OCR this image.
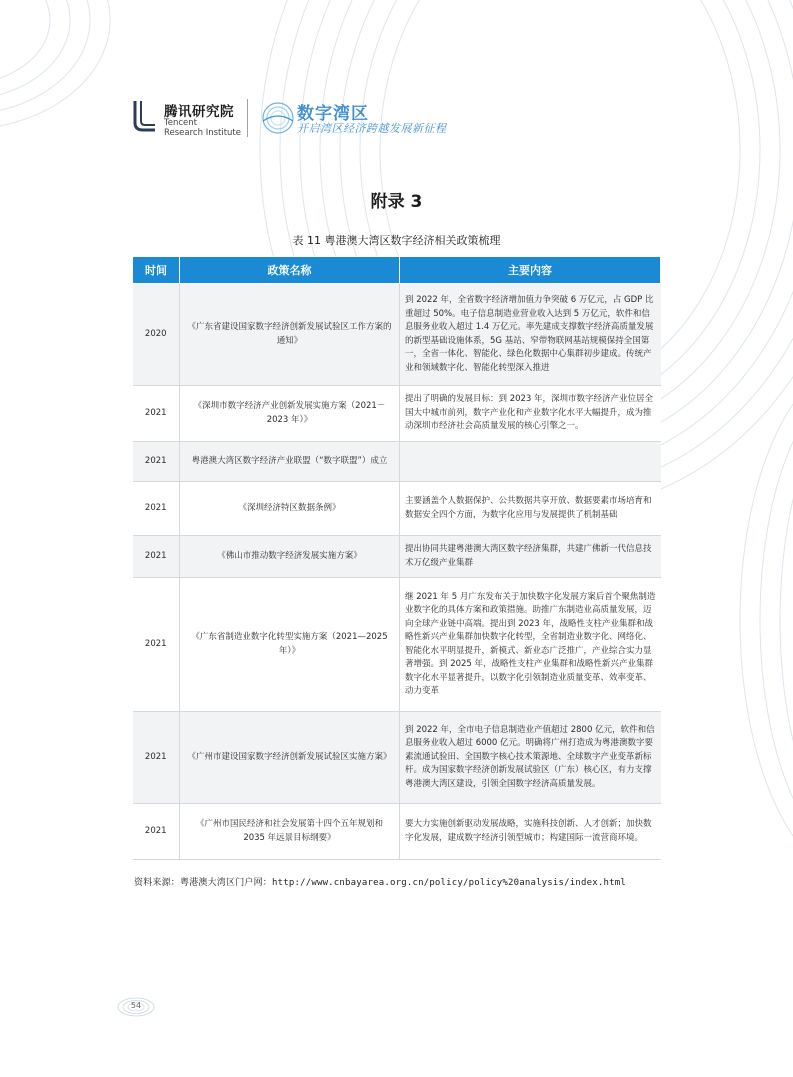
腾讯研究院
Tencent
Research Institute
数字湾区
开启湾区经济跨越发展新征程
附录 3
表 11 粤港澳大湾区数字经济相关政策梳理
时间	政策名称	主要内容
2020	《广东省建设国家数字经济创新发展试验区工作方案的通知》	到 2022 年，全省数字经济增加值力争突破 6 万亿元，占 GDP 比重超过 50%。电子信息制造业营业收入达到 5 万亿元，软件和信息服务业收入超过 1.4 万亿元。率先建成支撑数字经济高质量发展的新型基础设施体系，5G 基站、窄带物联网基站规模保持全国第一，全省一体化、智能化、绿色化数据中心集群初步建成。传统产业和领域数字化、智能化转型深入推进
2021	《深圳市数字经济产业创新发展实施方案（2021－2023 年）》	提出了明确的发展目标：到 2023 年，深圳市数字经济产业位居全国大中城市前列，数字产业化和产业数字化水平大幅提升，成为推动深圳市经济社会高质量发展的核心引擎之一。
2021	粤港澳大湾区数字经济产业联盟（“数字联盟”）成立	
2021	《深圳经济特区数据条例》	主要涵盖个人数据保护、公共数据共享开放、数据要素市场培育和数据安全四个方面，为数字化应用与发展提供了机制基础
2021	《佛山市推动数字经济发展实施方案》	提出协同共建粤港澳大湾区数字经济集群，共建广佛新一代信息技术万亿级产业集群
2021	《广东省制造业数字化转型实施方案（2021—2025 年）》	继 2021 年 5 月广东发布关于加快数字化发展方案后首个聚焦制造业数字化的具体方案和政策措施。助推广东制造业高质量发展，迈向全球产业链中高端。提出到 2023 年，战略性支柱产业集群和战略性新兴产业集群加快数字化转型，全省制造业数字化、网络化、智能化水平明显提升，新模式、新业态广泛推广，产业综合实力显著增强。到 2025 年，战略性支柱产业集群和战略性新兴产业集群数字化水平显著提升，以数字化引领制造业质量变革、效率变革、动力变革
2021	《广州市建设国家数字经济创新发展试验区实施方案》	到 2022 年，全市电子信息制造业产值超过 2800 亿元，软件和信息服务业收入超过 6000 亿元。明确将广州打造成为粤港澳数字要素流通试验田、全国数字核心技术策源地、全球数字产业变革新标杆。成为国家数字经济创新发展试验区（广东）核心区，有力支撑粤港澳大湾区建设，引领全国数字经济高质量发展。
2021	《广州市国民经济和社会发展第十四个五年规划和 2035 年远景目标纲要》	要大力实施创新驱动发展战略，实施科技创新、人才创新；加快数字化发展，建成数字经济引领型城市；构建国际一流营商环境。
资料来源：粤港澳大湾区门户网：http://www.cnbayarea.org.cn/policy/policy%20analysis/index.html
54
